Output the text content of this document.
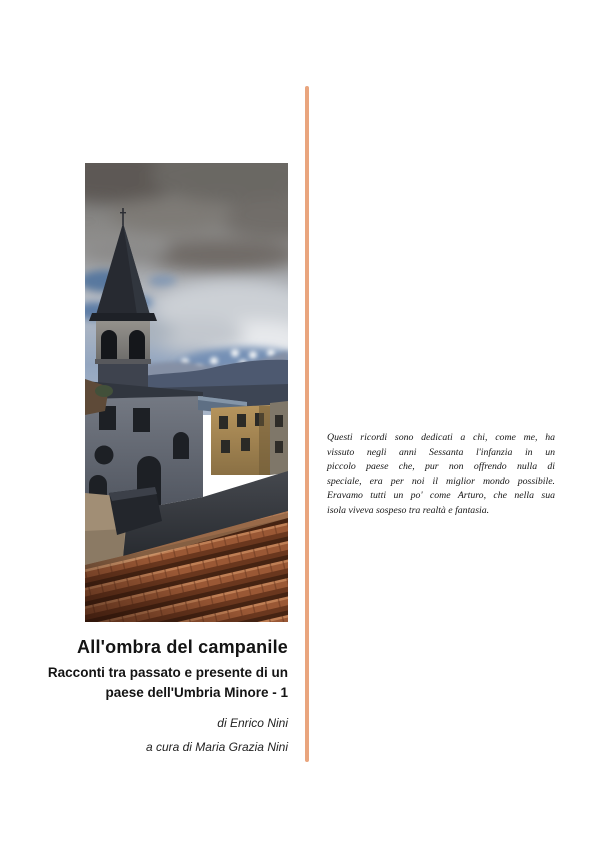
Questi ricordi sono dedicati a chi, come me, ha
vissuto negli anni Sessanta l'infanzia in un
piccolo paese che, pur non offrendo nulla di
speciale, era per noi il miglior mondo possibile.
Eravamo tutti un po' come Arturo, che nella sua
isola viveva sospeso tra realtà e fantasia.
All'ombra del campanile
Racconti tra passato e presente di un
paese dell'Umbria Minore - 1
di Enrico Nini
a cura di Maria Grazia Nini
